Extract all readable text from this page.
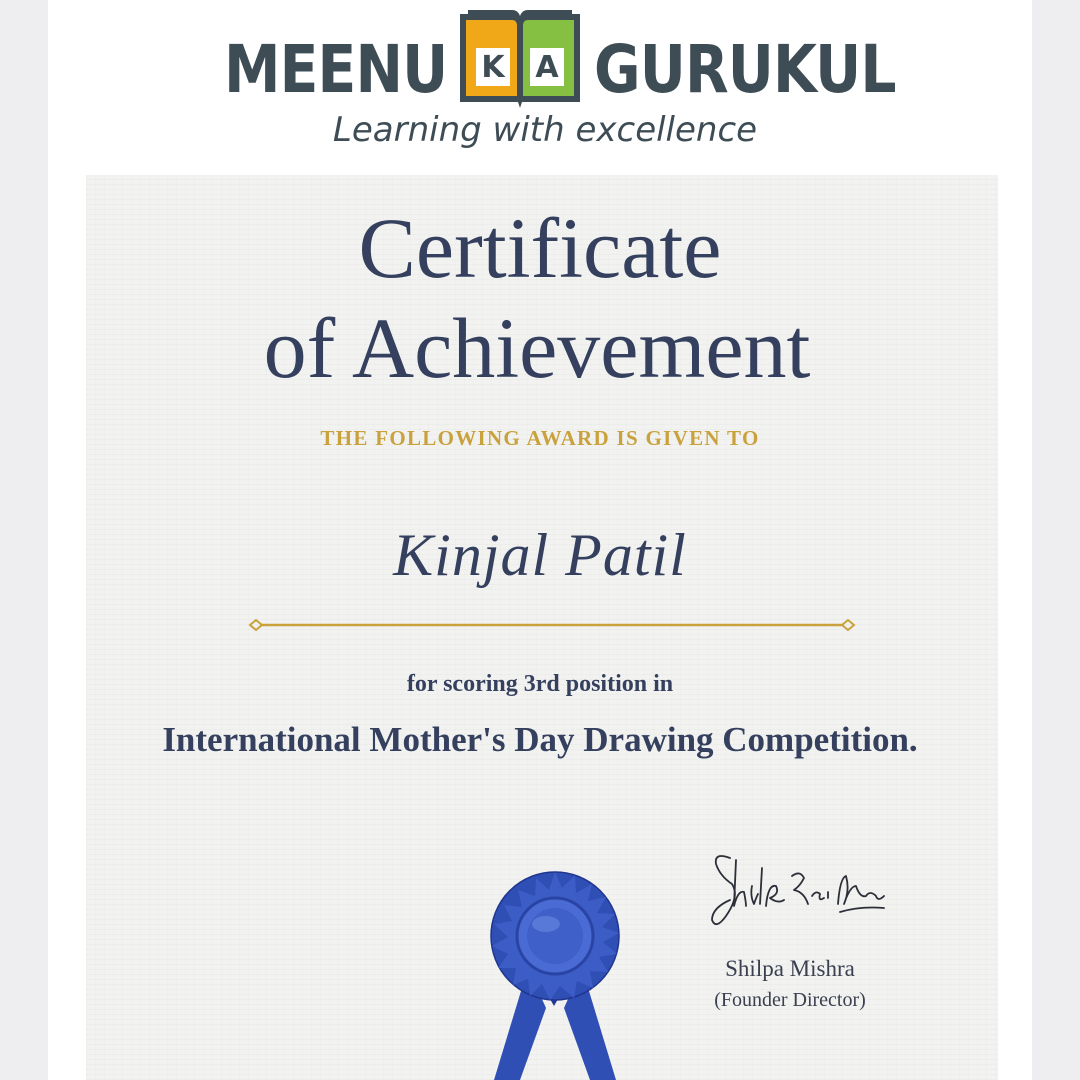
MEENU K A GURUKUL
Learning with excellence
Certificate
of Achievement
THE FOLLOWING AWARD IS GIVEN TO
Kinjal Patil
for scoring 3rd position in
International Mother's Day Drawing Competition.
Shilpa Mishra
(Founder Director)
